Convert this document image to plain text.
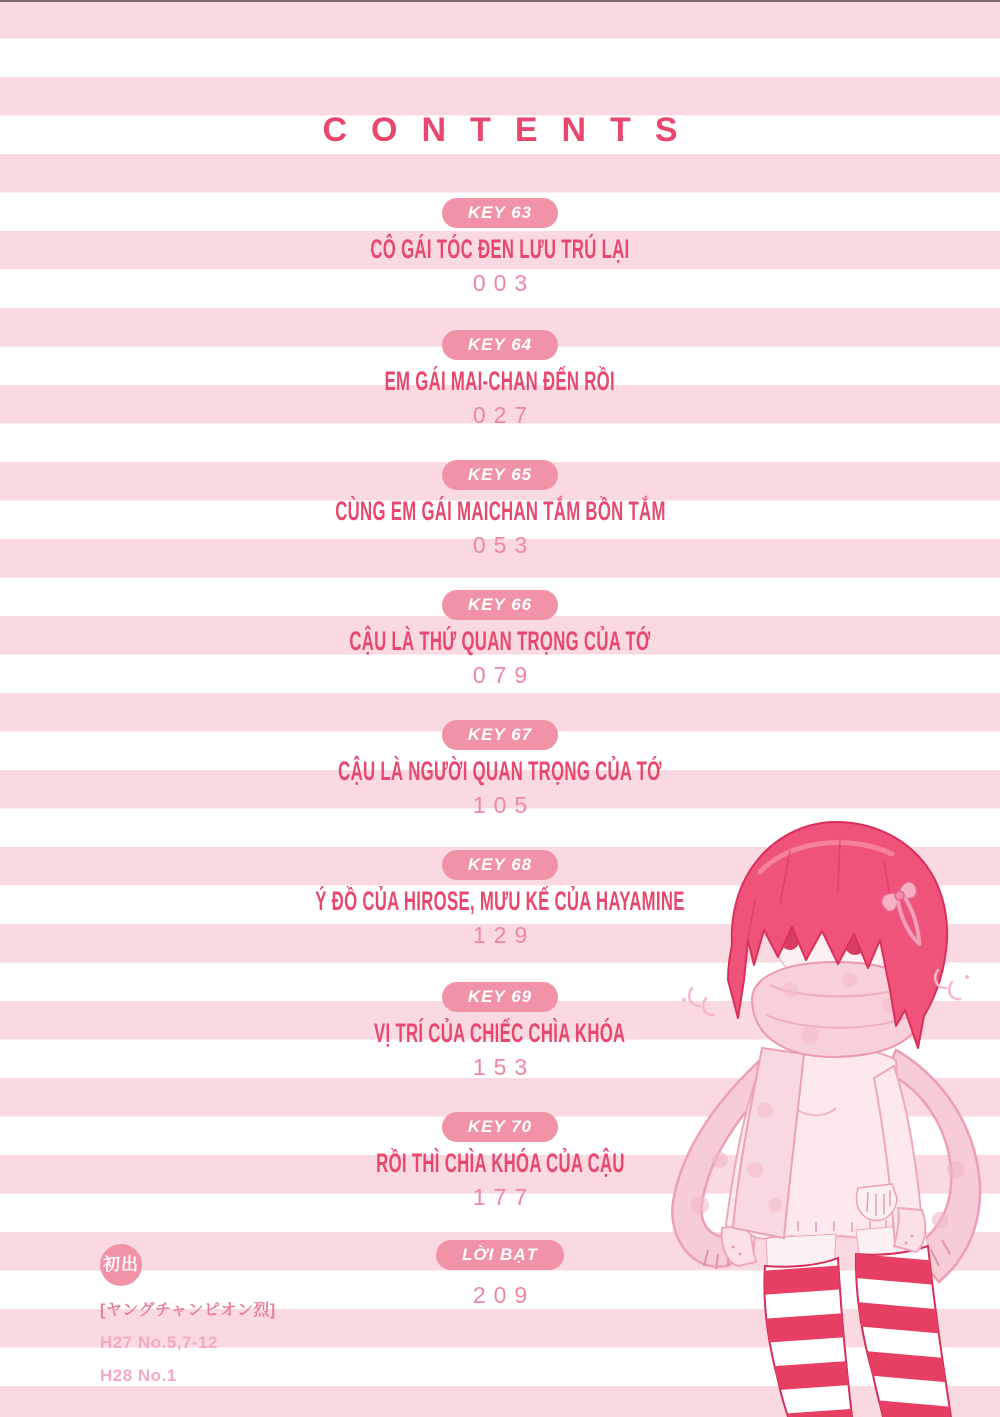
CONTENTS
KEY 63
CÔ GÁI TÓC ĐEN LƯU TRÚ LẠI
003
KEY 64
EM GÁI MAI-CHAN ĐẾN RỒI
027
KEY 65
CÙNG EM GÁI MAICHAN TẮM BỒN TẮM
053
KEY 66
CẬU LÀ THỨ QUAN TRỌNG CỦA TỚ
079
KEY 67
CẬU LÀ NGƯỜI QUAN TRỌNG CỦA TỚ
105
KEY 68
Ý ĐỒ CỦA HIROSE, MƯU KẾ CỦA HAYAMINE
129
KEY 69
VỊ TRÍ CỦA CHIẾC CHÌA KHÓA
153
KEY 70
RỒI THÌ CHÌA KHÓA CỦA CẬU
177
LỜI BẠT
209
初出
[ヤングチャンピオン烈]
H27 No.5,7-12
H28 No.1
